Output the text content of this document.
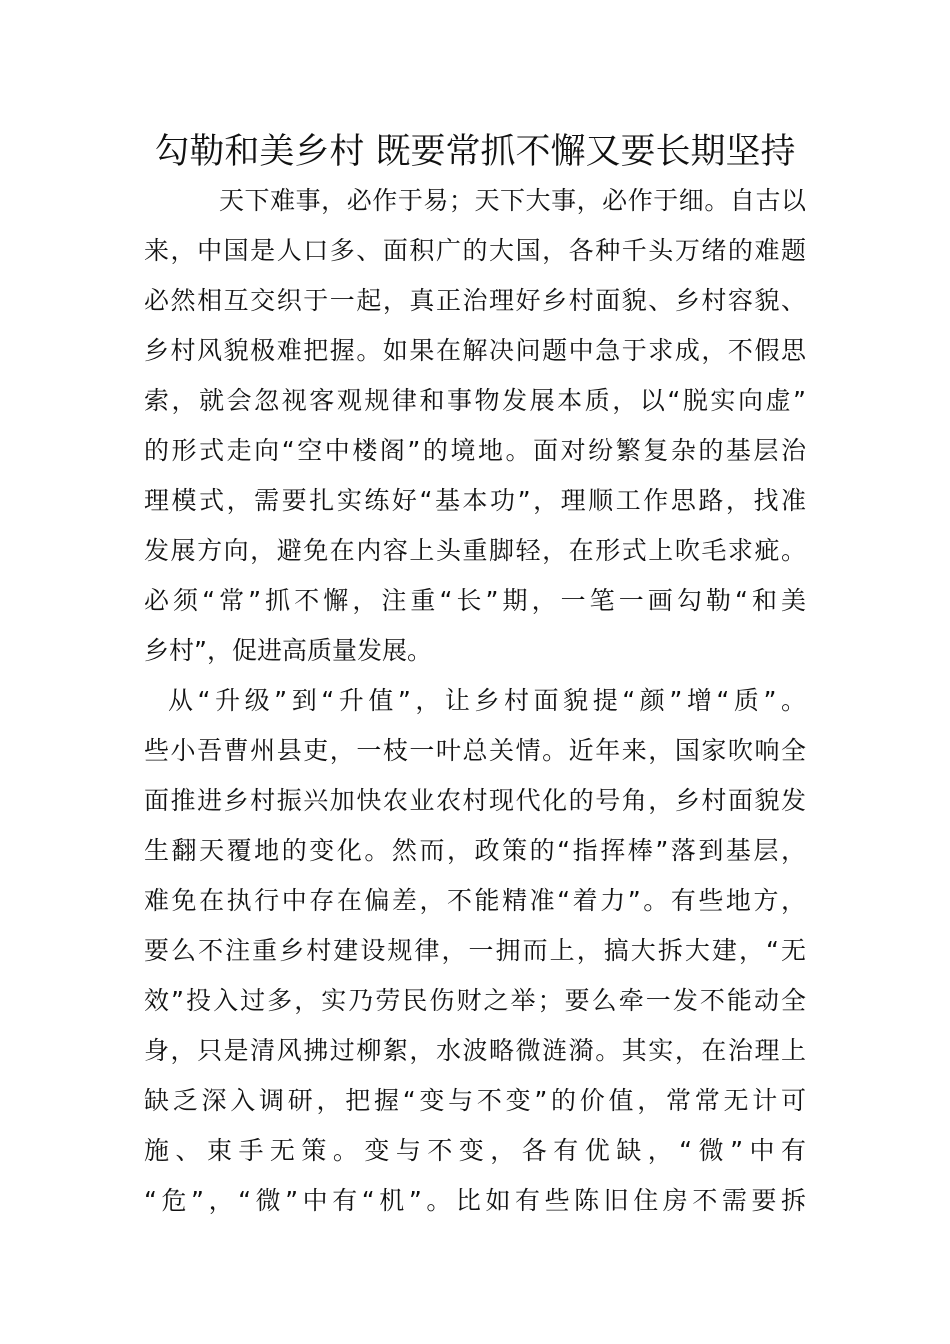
勾勒和美乡村 既要常抓不懈又要长期坚持
天下难事，必作于易；天下大事，必作于细。自古以
来，中国是人口多、面积广的大国，各种千头万绪的难题
必然相互交织于一起，真正治理好乡村面貌、乡村容貌、
乡村风貌极难把握。如果在解决问题中急于求成，不假思
索，就会忽视客观规律和事物发展本质，以“脱实向虚”
的形式走向“空中楼阁”的境地。面对纷繁复杂的基层治
理模式，需要扎实练好“基本功”，理顺工作思路，找准
发展方向，避免在内容上头重脚轻，在形式上吹毛求疵。
必须“常”抓不懈，注重“长”期，一笔一画勾勒“和美
乡村”，促进高质量发展。
从“升级”到“升值”，让乡村面貌提“颜”增“质”。
些小吾曹州县吏，一枝一叶总关情。近年来，国家吹响全
面推进乡村振兴加快农业农村现代化的号角，乡村面貌发
生翻天覆地的变化。然而，政策的“指挥棒”落到基层，
难免在执行中存在偏差，不能精准“着力”。有些地方，
要么不注重乡村建设规律，一拥而上，搞大拆大建，“无
效”投入过多，实乃劳民伤财之举；要么牵一发不能动全
身，只是清风拂过柳絮，水波略微涟漪。其实，在治理上
缺乏深入调研，把握“变与不变”的价值，常常无计可
施、束手无策。变与不变，各有优缺，“微”中有
“危”，“微”中有“机”。比如有些陈旧住房不需要拆
